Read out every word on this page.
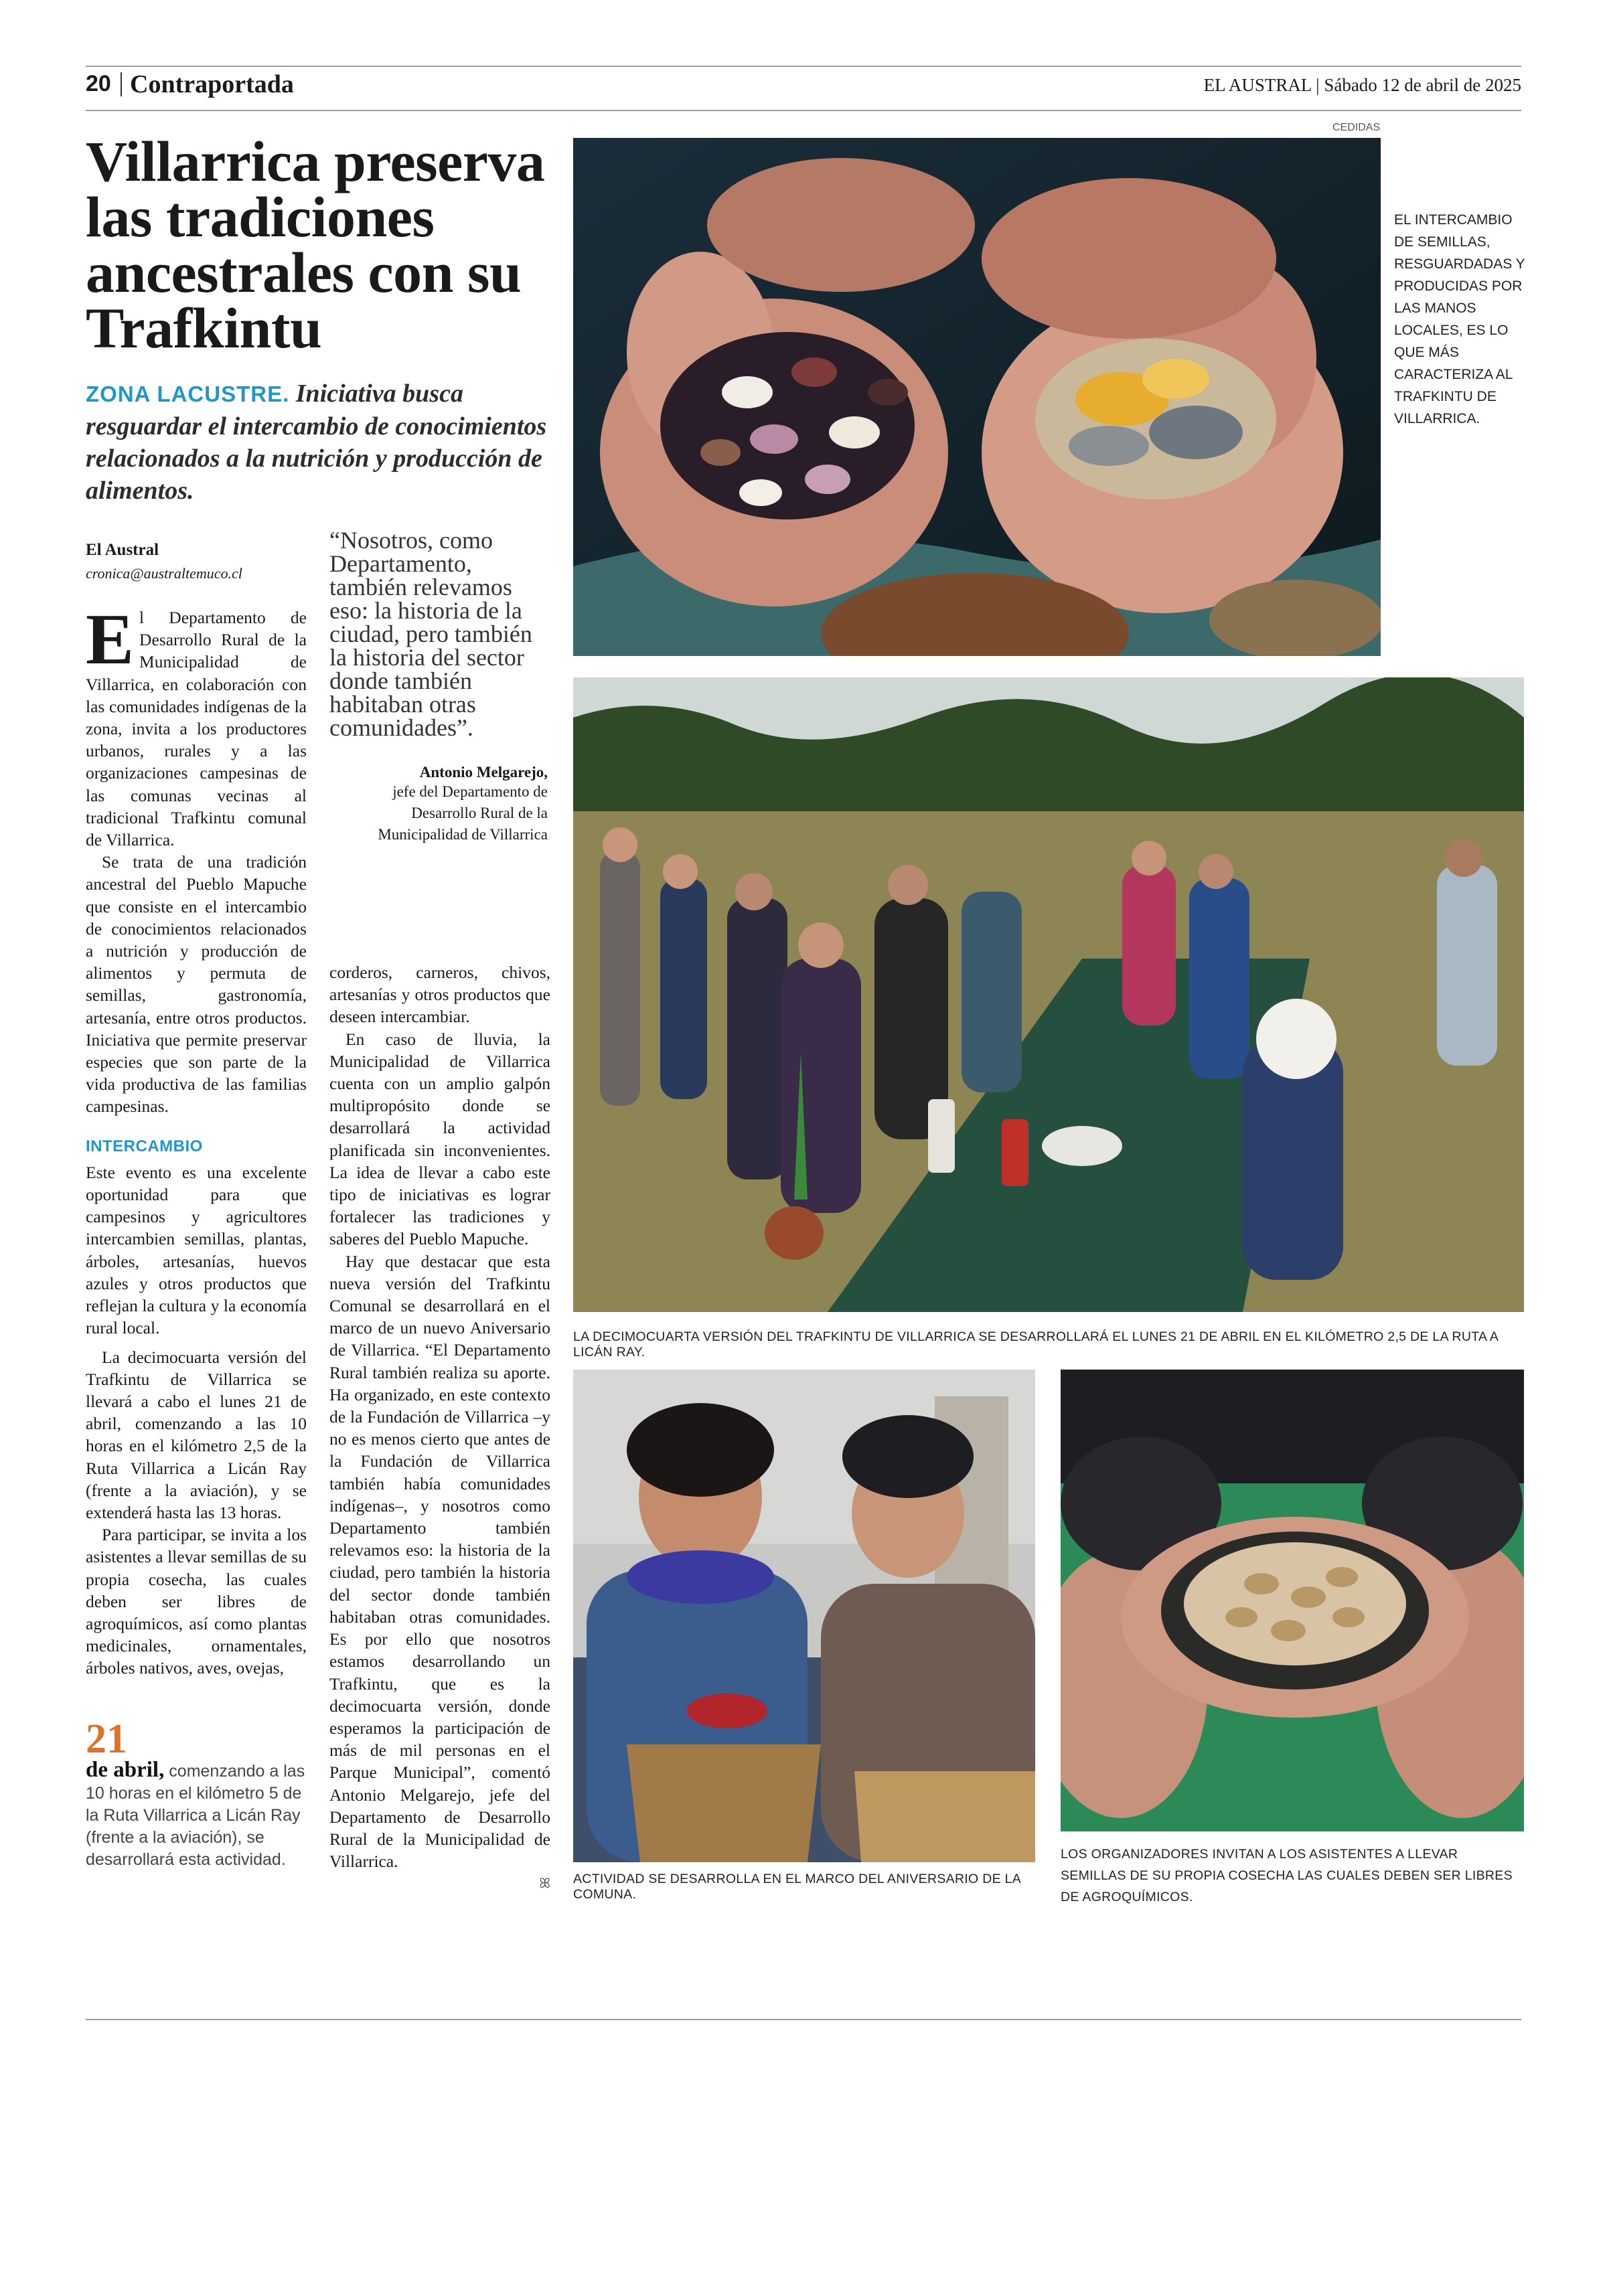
20 Contraportada	EL AUSTRAL | Sábado 12 de abril de 2025
Villarrica preserva las tradiciones ancestrales con su Trafkintu

ZONA LACUSTRE. Iniciativa busca resguardar el intercambio de conocimientos relacionados a la nutrición y producción de alimentos.

El Austral
cronica@australtemuco.cl

El Departamento de Desarrollo Rural de la Municipalidad de Villarrica, en colaboración con las comunidades indígenas de la zona, invita a los productores urbanos, rurales y a las organizaciones campesinas de las comunas vecinas al tradicional Trafkintu comunal de Villarrica.

Se trata de una tradición ancestral del Pueblo Mapuche que consiste en el intercambio de conocimientos relacionados a nutrición y producción de alimentos y permuta de semillas, gastronomía, artesanía, entre otros productos. Iniciativa que permite preservar especies que son parte de la vida productiva de las familias campesinas.

INTERCAMBIO

Este evento es una excelente oportunidad para que campesinos y agricultores intercambien semillas, plantas, árboles, artesanías, huevos azules y otros productos que reflejan la cultura y la economía rural local.

La decimocuarta versión del Trafkintu de Villarrica se llevará a cabo el lunes 21 de abril, comenzando a las 10 horas en el kilómetro 2,5 de la Ruta Villarrica a Licán Ray (frente a la aviación), y se extenderá hasta las 13 horas.

Para participar, se invita a los asistentes a llevar semillas de su propia cosecha, las cuales deben ser libres de agroquímicos, así como plantas medicinales, ornamentales, árboles nativos, aves, ovejas,

21
de abril, comenzando a las 10 horas en el kilómetro 5 de la Ruta Villarrica a Licán Ray (frente a la aviación), se desarrollará esta actividad.

“Nosotros, como Departamento, también relevamos eso: la historia de la ciudad, pero también la historia del sector donde también habitaban otras comunidades”.

Antonio Melgarejo,
jefe del Departamento de Desarrollo Rural de la Municipalidad de Villarrica

corderos, carneros, chivos, artesanías y otros productos que deseen intercambiar.

En caso de lluvia, la Municipalidad de Villarrica cuenta con un amplio galpón multipropósito donde se desarrollará la actividad planificada sin inconvenientes. La idea de llevar a cabo este tipo de iniciativas es lograr fortalecer las tradiciones y saberes del Pueblo Mapuche.

Hay que destacar que esta nueva versión del Trafkintu Comunal se desarrollará en el marco de un nuevo Aniversario de Villarrica. “El Departamento Rural también realiza su aporte. Ha organizado, en este contexto de la Fundación de Villarrica –y no es menos cierto que antes de la Fundación de Villarrica también había comunidades indígenas–, y nosotros como Departamento también relevamos eso: la historia de la ciudad, pero también la historia del sector donde también habitaban otras comunidades. Es por ello que nosotros estamos desarrollando un Trafkintu, que es la decimocuarta versión, donde esperamos la participación de más de mil personas en el Parque Municipal”, comentó Antonio Melgarejo, jefe del Departamento de Desarrollo Rural de la Municipalidad de Villarrica.

ꕤ
CEDIDAS
EL INTERCAMBIO DE SEMILLAS, RESGUARDADAS Y PRODUCIDAS POR LAS MANOS LOCALES, ES LO QUE MÁS CARACTERIZA AL TRAFKINTU DE VILLARRICA.
LA DECIMOCUARTA VERSIÓN DEL TRAFKINTU DE VILLARRICA SE DESARROLLARÁ EL LUNES 21 DE ABRIL EN EL KILÓMETRO 2,5 DE LA RUTA A LICÁN RAY.
ACTIVIDAD SE DESARROLLA EN EL MARCO DEL ANIVERSARIO DE LA COMUNA.
LOS ORGANIZADORES INVITAN A LOS ASISTENTES A LLEVAR SEMILLAS DE SU PROPIA COSECHA LAS CUALES DEBEN SER LIBRES DE AGROQUÍMICOS.
